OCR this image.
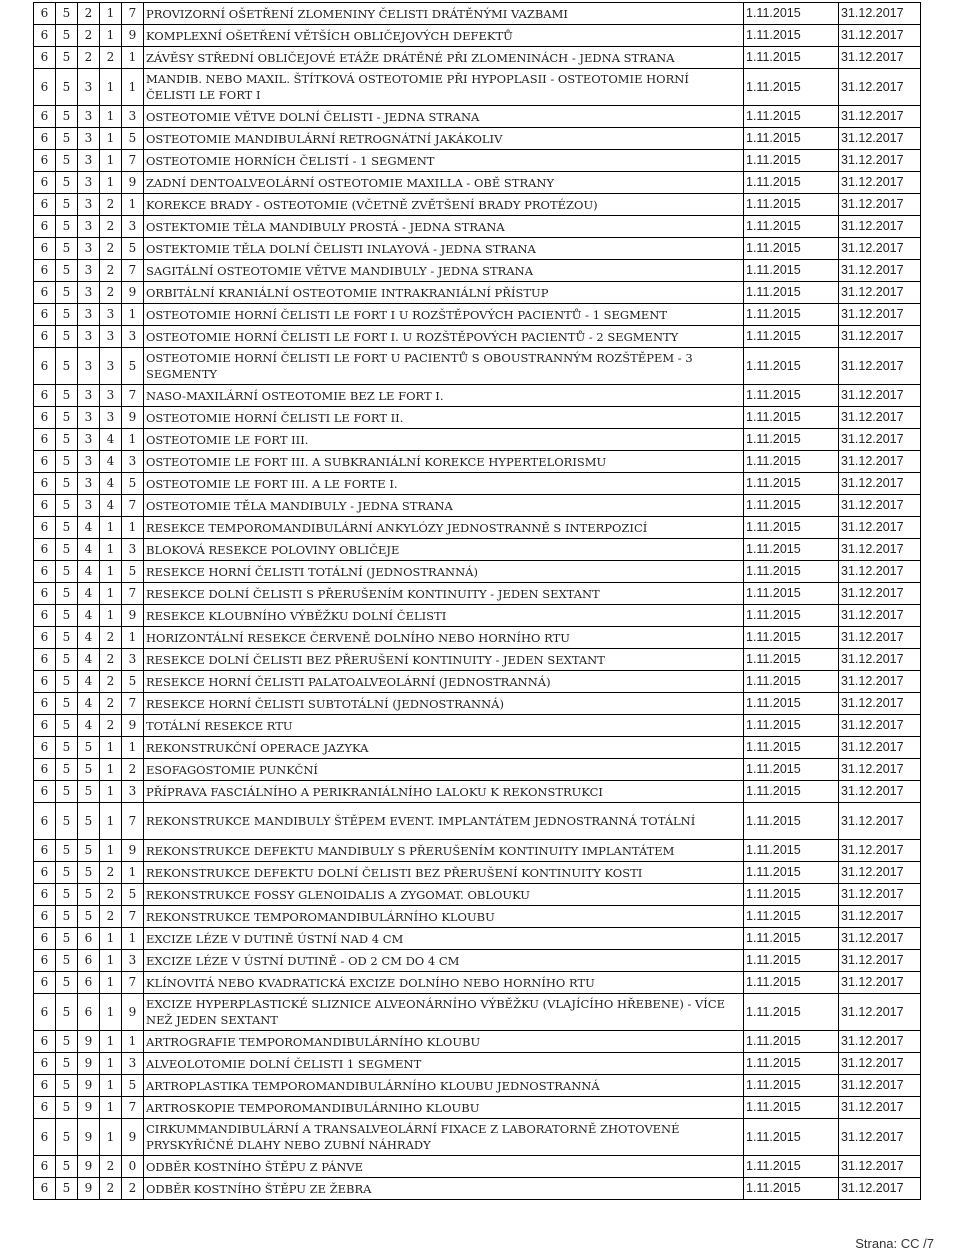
6	5	2	1	7	PROVIZORNÍ OŠETŘENÍ ZLOMENINY ČELISTI DRÁTĚNÝMI VAZBAMI	1.11.2015	31.12.2017
6	5	2	1	9	KOMPLEXNÍ OŠETŘENÍ VĚTŠÍCH OBLIČEJOVÝCH DEFEKTŮ	1.11.2015	31.12.2017
6	5	2	2	1	ZÁVĚSY STŘEDNÍ OBLIČEJOVÉ ETÁŽE DRÁTĚNÉ PŘI ZLOMENINÁCH - JEDNA STRANA	1.11.2015	31.12.2017
6	5	3	1	1	MANDIB. NEBO MAXIL. ŠTÍTKOVÁ OSTEOTOMIE PŘI HYPOPLASII - OSTEOTOMIE HORNÍ ČELISTI LE FORT I	1.11.2015	31.12.2017
6	5	3	1	3	OSTEOTOMIE VĚTVE DOLNÍ ČELISTI - JEDNA STRANA	1.11.2015	31.12.2017
6	5	3	1	5	OSTEOTOMIE MANDIBULÁRNÍ RETROGNÁTNÍ JAKÁKOLIV	1.11.2015	31.12.2017
6	5	3	1	7	OSTEOTOMIE HORNÍCH ČELISTÍ - 1 SEGMENT	1.11.2015	31.12.2017
6	5	3	1	9	ZADNÍ DENTOALVEOLÁRNÍ OSTEOTOMIE MAXILLA - OBĚ STRANY	1.11.2015	31.12.2017
6	5	3	2	1	KOREKCE BRADY - OSTEOTOMIE (VČETNĚ ZVĚTŠENÍ BRADY PROTÉZOU)	1.11.2015	31.12.2017
6	5	3	2	3	OSTEKTOMIE TĚLA MANDIBULY PROSTÁ - JEDNA STRANA	1.11.2015	31.12.2017
6	5	3	2	5	OSTEKTOMIE TĚLA DOLNÍ ČELISTI INLAYOVÁ - JEDNA STRANA	1.11.2015	31.12.2017
6	5	3	2	7	SAGITÁLNÍ OSTEOTOMIE VĚTVE MANDIBULY - JEDNA STRANA	1.11.2015	31.12.2017
6	5	3	2	9	ORBITÁLNÍ KRANIÁLNÍ OSTEOTOMIE INTRAKRANIÁLNÍ PŘÍSTUP	1.11.2015	31.12.2017
6	5	3	3	1	OSTEOTOMIE HORNÍ ČELISTI LE FORT I U ROZŠTĚPOVÝCH PACIENTŮ - 1 SEGMENT	1.11.2015	31.12.2017
6	5	3	3	3	OSTEOTOMIE HORNÍ ČELISTI LE FORT I. U ROZŠTĚPOVÝCH PACIENTŮ - 2 SEGMENTY	1.11.2015	31.12.2017
6	5	3	3	5	OSTEOTOMIE HORNÍ ČELISTI LE FORT U PACIENTŮ S OBOUSTRANNÝM ROZŠTĚPEM - 3 SEGMENTY	1.11.2015	31.12.2017
6	5	3	3	7	NASO-MAXILÁRNÍ OSTEOTOMIE BEZ LE FORT I.	1.11.2015	31.12.2017
6	5	3	3	9	OSTEOTOMIE HORNÍ ČELISTI LE FORT II.	1.11.2015	31.12.2017
6	5	3	4	1	OSTEOTOMIE LE FORT III.	1.11.2015	31.12.2017
6	5	3	4	3	OSTEOTOMIE LE FORT III. A SUBKRANIÁLNÍ KOREKCE HYPERTELORISMU	1.11.2015	31.12.2017
6	5	3	4	5	OSTEOTOMIE LE FORT III. A LE FORTE I.	1.11.2015	31.12.2017
6	5	3	4	7	OSTEOTOMIE TĚLA MANDIBULY - JEDNA STRANA	1.11.2015	31.12.2017
6	5	4	1	1	RESEKCE TEMPOROMANDIBULÁRNÍ ANKYLÓZY JEDNOSTRANNĚ S INTERPOZICÍ	1.11.2015	31.12.2017
6	5	4	1	3	BLOKOVÁ RESEKCE POLOVINY OBLIČEJE	1.11.2015	31.12.2017
6	5	4	1	5	RESEKCE HORNÍ ČELISTI TOTÁLNÍ (JEDNOSTRANNÁ)	1.11.2015	31.12.2017
6	5	4	1	7	RESEKCE DOLNÍ ČELISTI S PŘERUŠENÍM KONTINUITY - JEDEN SEXTANT	1.11.2015	31.12.2017
6	5	4	1	9	RESEKCE KLOUBNÍHO VÝBĚŽKU DOLNÍ ČELISTI	1.11.2015	31.12.2017
6	5	4	2	1	HORIZONTÁLNÍ RESEKCE ČERVENĚ DOLNÍHO NEBO HORNÍHO RTU	1.11.2015	31.12.2017
6	5	4	2	3	RESEKCE DOLNÍ ČELISTI BEZ PŘERUŠENÍ KONTINUITY - JEDEN SEXTANT	1.11.2015	31.12.2017
6	5	4	2	5	RESEKCE HORNÍ ČELISTI PALATOALVEOLÁRNÍ (JEDNOSTRANNÁ)	1.11.2015	31.12.2017
6	5	4	2	7	RESEKCE HORNÍ ČELISTI SUBTOTÁLNÍ (JEDNOSTRANNÁ)	1.11.2015	31.12.2017
6	5	4	2	9	TOTÁLNÍ RESEKCE RTU	1.11.2015	31.12.2017
6	5	5	1	1	REKONSTRUKČNÍ OPERACE JAZYKA	1.11.2015	31.12.2017
6	5	5	1	2	ESOFAGOSTOMIE PUNKČNÍ	1.11.2015	31.12.2017
6	5	5	1	3	PŘÍPRAVA FASCIÁLNÍHO A PERIKRANIÁLNÍHO LALOKU K REKONSTRUKCI	1.11.2015	31.12.2017
6	5	5	1	7	REKONSTRUKCE MANDIBULY ŠTĚPEM EVENT. IMPLANTÁTEM JEDNOSTRANNÁ TOTÁLNÍ	1.11.2015	31.12.2017
6	5	5	1	9	REKONSTRUKCE DEFEKTU MANDIBULY S PŘERUŠENÍM KONTINUITY IMPLANTÁTEM	1.11.2015	31.12.2017
6	5	5	2	1	REKONSTRUKCE DEFEKTU DOLNÍ ČELISTI BEZ PŘERUŠENÍ KONTINUITY KOSTI	1.11.2015	31.12.2017
6	5	5	2	5	REKONSTRUKCE FOSSY GLENOIDALIS A ZYGOMAT. OBLOUKU	1.11.2015	31.12.2017
6	5	5	2	7	REKONSTRUKCE TEMPOROMANDIBULÁRNÍHO KLOUBU	1.11.2015	31.12.2017
6	5	6	1	1	EXCIZE LÉZE V DUTINĚ ÚSTNÍ NAD 4 CM	1.11.2015	31.12.2017
6	5	6	1	3	EXCIZE LÉZE V ÚSTNÍ DUTINĚ - OD 2 CM DO 4 CM	1.11.2015	31.12.2017
6	5	6	1	7	KLÍNOVITÁ NEBO KVADRATICKÁ EXCIZE DOLNÍHO NEBO HORNÍHO RTU	1.11.2015	31.12.2017
6	5	6	1	9	EXCIZE HYPERPLASTICKÉ SLIZNICE ALVEONÁRNÍHO VÝBĚŽKU (VLAJÍCÍHO HŘEBENE) - VÍCE NEŽ JEDEN SEXTANT	1.11.2015	31.12.2017
6	5	9	1	1	ARTROGRAFIE TEMPOROMANDIBULÁRNÍHO KLOUBU	1.11.2015	31.12.2017
6	5	9	1	3	ALVEOLOTOMIE DOLNÍ ČELISTI 1 SEGMENT	1.11.2015	31.12.2017
6	5	9	1	5	ARTROPLASTIKA TEMPOROMANDIBULÁRNÍHO KLOUBU JEDNOSTRANNÁ	1.11.2015	31.12.2017
6	5	9	1	7	ARTROSKOPIE TEMPOROMANDIBULÁRNIHO KLOUBU	1.11.2015	31.12.2017
6	5	9	1	9	CIRKUMMANDIBULÁRNÍ A TRANSALVEOLÁRNÍ FIXACE Z LABORATORNĚ ZHOTOVENÉ PRYSKYŘIČNÉ DLAHY NEBO ZUBNÍ NÁHRADY	1.11.2015	31.12.2017
6	5	9	2	0	ODBĚR KOSTNÍHO ŠTĚPU Z PÁNVE	1.11.2015	31.12.2017
6	5	9	2	2	ODBĚR KOSTNÍHO ŠTĚPU ZE ŽEBRA	1.11.2015	31.12.2017
Strana: CC /7
